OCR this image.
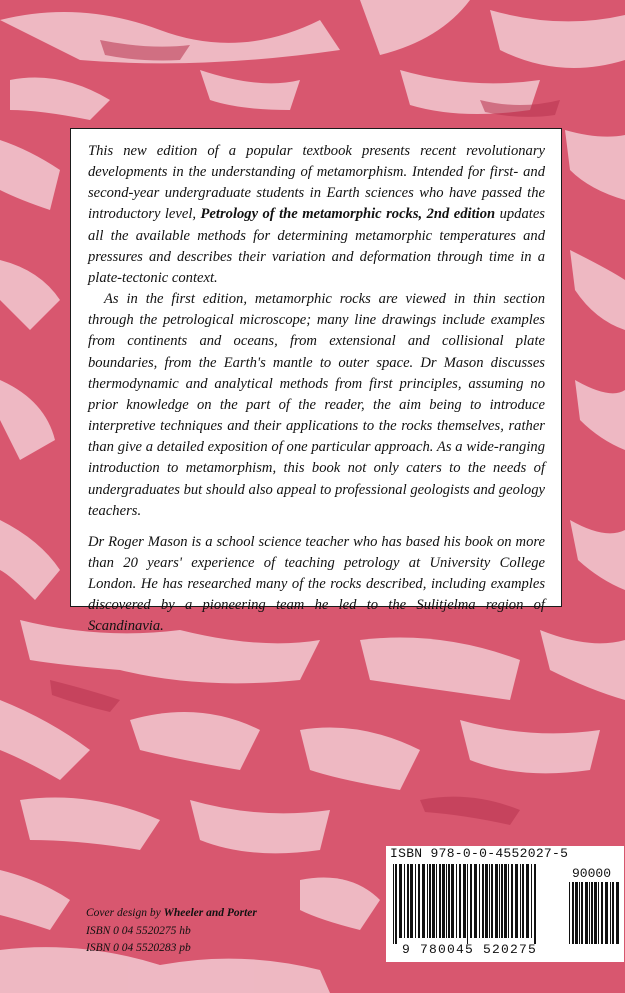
This new edition of a popular textbook presents recent revolutionary developments in the understanding of metamorphism. Intended for first- and second-year undergraduate students in Earth sciences who have passed the introductory level, Petrology of the metamorphic rocks, 2nd edition updates all the available methods for determining metamorphic temperatures and pressures and describes their variation and deformation through time in a plate-tectonic context.

As in the first edition, metamorphic rocks are viewed in thin section through the petrological microscope; many line drawings include examples from continents and oceans, from extensional and collisional plate boundaries, from the Earth's mantle to outer space. Dr Mason discusses thermodynamic and analytical methods from first principles, assuming no prior knowledge on the part of the reader, the aim being to introduce interpretive techniques and their applications to the rocks themselves, rather than give a detailed exposition of one particular approach. As a wide-ranging introduction to metamorphism, this book not only caters to the needs of undergraduates but should also appeal to professional geologists and geology teachers.

Dr Roger Mason is a school science teacher who has based his book on more than 20 years' experience of teaching petrology at University College London. He has researched many of the rocks described, including examples discovered by a pioneering team he led to the Sulitjelma region of Scandinavia.

Cover design by Wheeler and Porter
ISBN 0 04 5520275 hb
ISBN 0 04 5520283 pb
ISBN 978-0-0-4552027-5
90000
9 780045 520275
